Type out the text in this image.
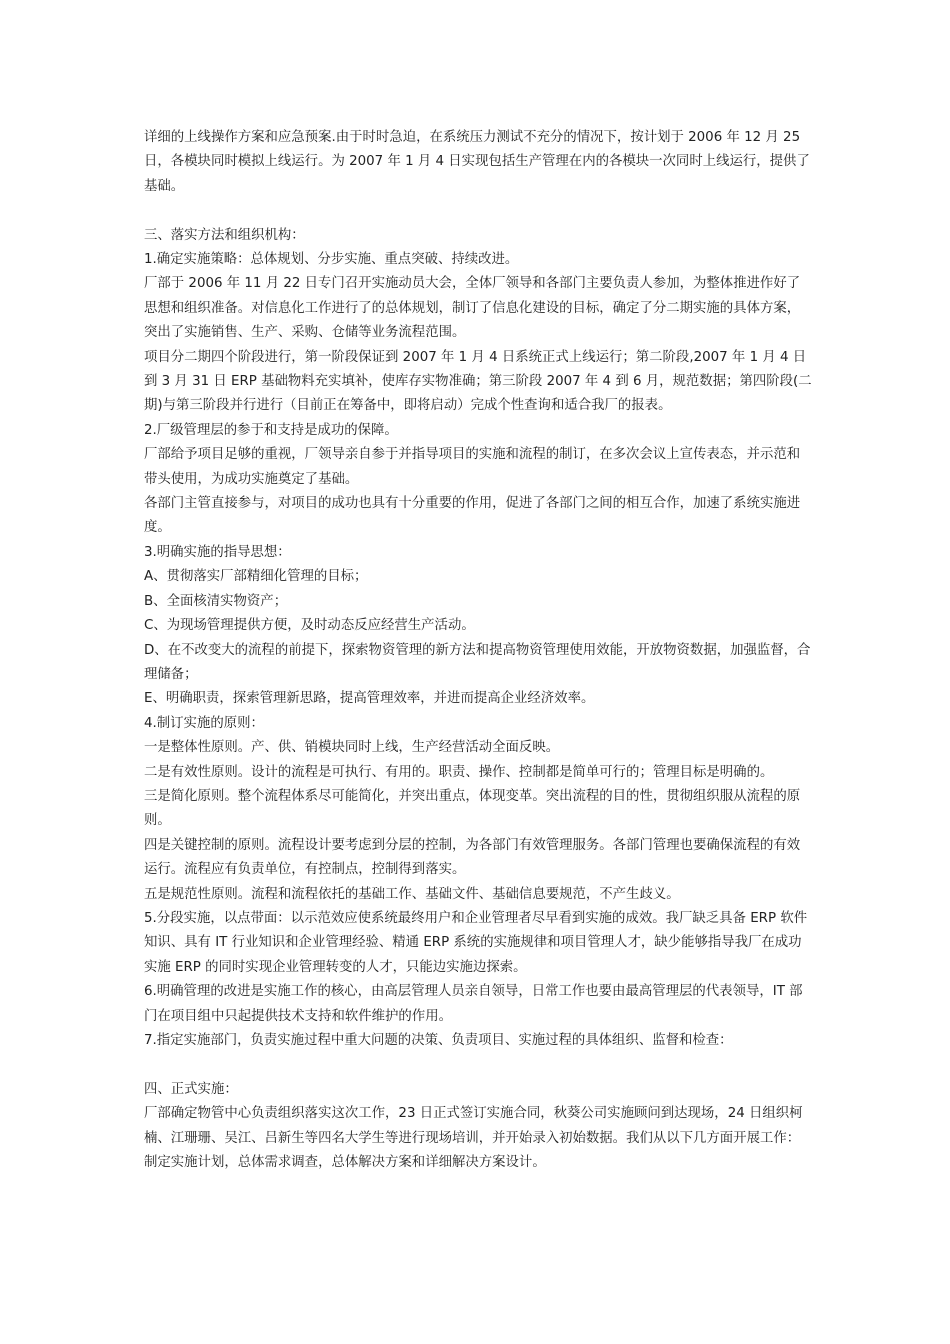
详细的上线操作方案和应急预案.由于时时急迫，在系统压力测试不充分的情况下，按计划于 2006 年 12 月 25 日，各模块同时模拟上线运行。为 2007 年 1 月 4 日实现包括生产管理在内的各模块一次同时上线运行，提供了基础。

三、落实方法和组织机构：

1.确定实施策略：总体规划、分步实施、重点突破、持续改进。

厂部于 2006 年 11 月 22 日专门召开实施动员大会，全体厂领导和各部门主要负责人参加，为整体推进作好了思想和组织准备。对信息化工作进行了的总体规划，制订了信息化建设的目标，确定了分二期实施的具体方案，突出了实施销售、生产、采购、仓储等业务流程范围。

项目分二期四个阶段进行，第一阶段保证到 2007 年 1 月 4 日系统正式上线运行；第二阶段,2007 年 1 月 4 日到 3 月 31 日 ERP 基础物料充实填补，使库存实物准确；第三阶段 2007 年 4 到 6 月，规范数据；第四阶段(二期)与第三阶段并行进行（目前正在筹备中，即将启动）完成个性查询和适合我厂的报表。

2.厂级管理层的参于和支持是成功的保障。

厂部给予项目足够的重视，厂领导亲自参于并指导项目的实施和流程的制订，在多次会议上宣传表态，并示范和带头使用，为成功实施奠定了基础。

各部门主管直接参与，对项目的成功也具有十分重要的作用，促进了各部门之间的相互合作，加速了系统实施进度。

3.明确实施的指导思想：

A、贯彻落实厂部精细化管理的目标；

B、全面核清实物资产；

C、为现场管理提供方便，及时动态反应经营生产活动。

D、在不改变大的流程的前提下，探索物资管理的新方法和提高物资管理使用效能，开放物资数据，加强监督，合理储备；

E、明确职责，探索管理新思路，提高管理效率，并进而提高企业经济效率。

4.制订实施的原则：

一是整体性原则。产、供、销模块同时上线，生产经营活动全面反映。

二是有效性原则。设计的流程是可执行、有用的。职责、操作、控制都是简单可行的；管理目标是明确的。

三是简化原则。整个流程体系尽可能简化，并突出重点，体现变革。突出流程的目的性，贯彻组织服从流程的原则。

四是关键控制的原则。流程设计要考虑到分层的控制，为各部门有效管理服务。各部门管理也要确保流程的有效运行。流程应有负责单位，有控制点，控制得到落实。

五是规范性原则。流程和流程依托的基础工作、基础文件、基础信息要规范，不产生歧义。

5.分段实施，以点带面：以示范效应使系统最终用户和企业管理者尽早看到实施的成效。我厂缺乏具备 ERP 软件知识、具有 IT 行业知识和企业管理经验、精通 ERP 系统的实施规律和项目管理人才，缺少能够指导我厂在成功实施 ERP 的同时实现企业管理转变的人才，只能边实施边探索。

6.明确管理的改进是实施工作的核心，由高层管理人员亲自领导，日常工作也要由最高管理层的代表领导，IT 部门在项目组中只起提供技术支持和软件维护的作用。

7.指定实施部门，负责实施过程中重大问题的决策、负责项目、实施过程的具体组织、监督和检查：

四、正式实施：

厂部确定物管中心负责组织落实这次工作，23 日正式签订实施合同，秋葵公司实施顾问到达现场，24 日组织柯楠、江珊珊、吴江、吕新生等四名大学生等进行现场培训，并开始录入初始数据。我们从以下几方面开展工作：

制定实施计划，总体需求调查，总体解决方案和详细解决方案设计。
